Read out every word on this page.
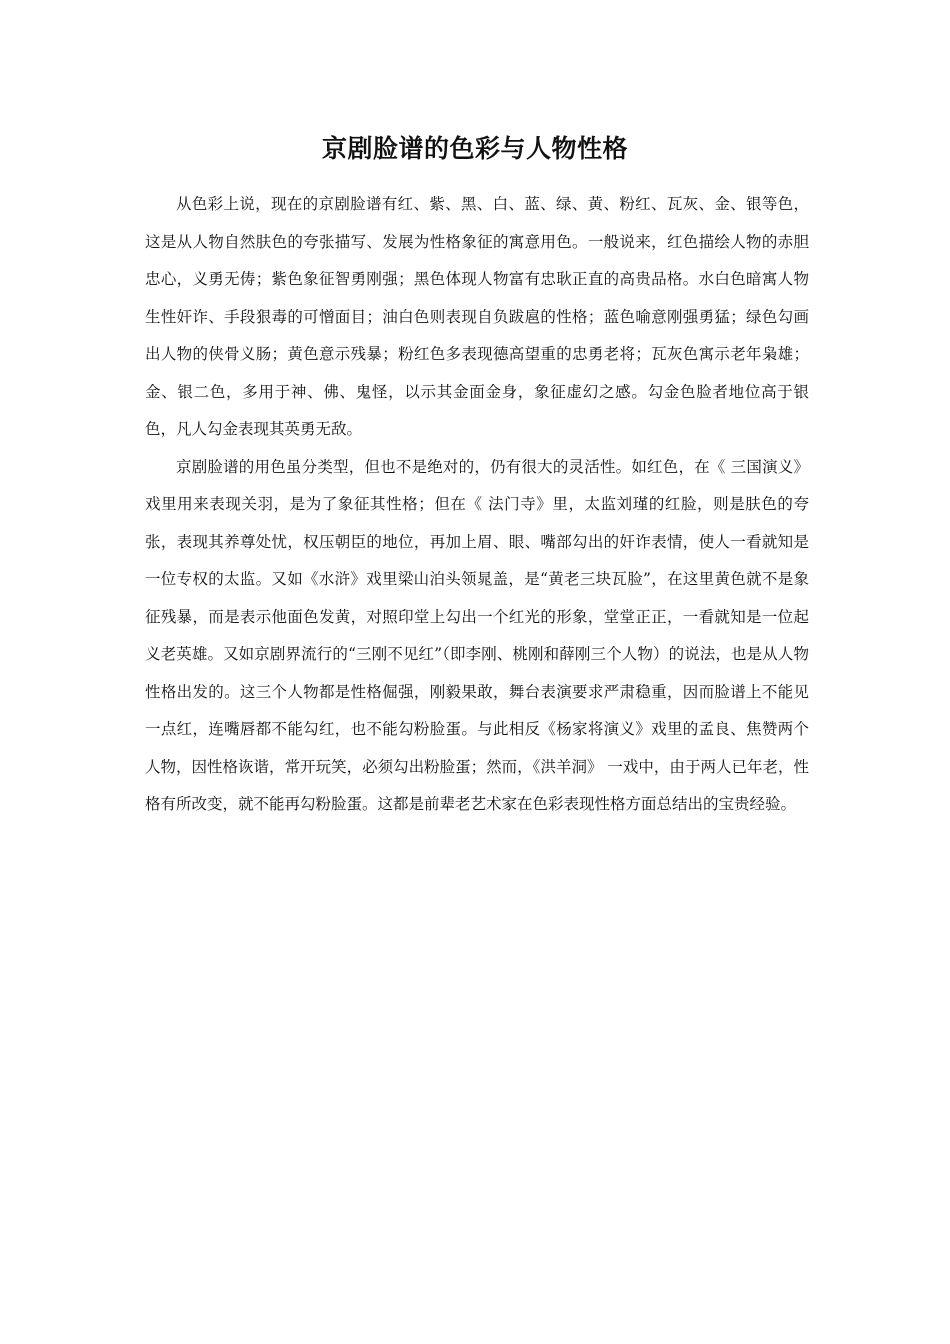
京剧脸谱的色彩与人物性格

从色彩上说，现在的京剧脸谱有红、紫、黑、白、蓝、绿、黄、粉红、瓦灰、金、银等色，这是从人物自然肤色的夸张描写、发展为性格象征的寓意用色。一般说来，红色描绘人物的赤胆忠心，义勇无俦；紫色象征智勇刚强；黑色体现人物富有忠耿正直的高贵品格。水白色暗寓人物生性奸诈、手段狠毒的可憎面目；油白色则表现自负跋扈的性格；蓝色喻意刚强勇猛；绿色勾画出人物的侠骨义肠；黄色意示残暴；粉红色多表现德高望重的忠勇老将；瓦灰色寓示老年枭雄；金、银二色，多用于神、佛、鬼怪，以示其金面金身，象征虚幻之感。勾金色脸者地位高于银色，凡人勾金表现其英勇无敌。

京剧脸谱的用色虽分类型，但也不是绝对的，仍有很大的灵活性。如红色，在《 三国演义》戏里用来表现关羽，是为了象征其性格；但在《 法门寺》里，太监刘瑾的红脸，则是肤色的夸张，表现其养尊处忧，权压朝臣的地位，再加上眉、眼、嘴部勾出的奸诈表情，使人一看就知是一位专权的太监。又如《水浒》戏里梁山泊头领晁盖，是“黄老三块瓦脸”，在这里黄色就不是象征残暴，而是表示他面色发黄，对照印堂上勾出一个红光的形象，堂堂正正，一看就知是一位起义老英雄。又如京剧界流行的“三刚不见红”（即李刚、桃刚和薛刚三个人物）的说法，也是从人物性格出发的。这三个人物都是性格倔强，刚毅果敢，舞台表演要求严肃稳重，因而脸谱上不能见一点红，连嘴唇都不能勾红，也不能勾粉脸蛋。与此相反《杨家将演义》戏里的孟良、焦赞两个人物，因性格诙谐，常开玩笑，必须勾出粉脸蛋；然而，《洪羊洞》 一戏中，由于两人已年老，性格有所改变，就不能再勾粉脸蛋。这都是前辈老艺术家在色彩表现性格方面总结出的宝贵经验。
